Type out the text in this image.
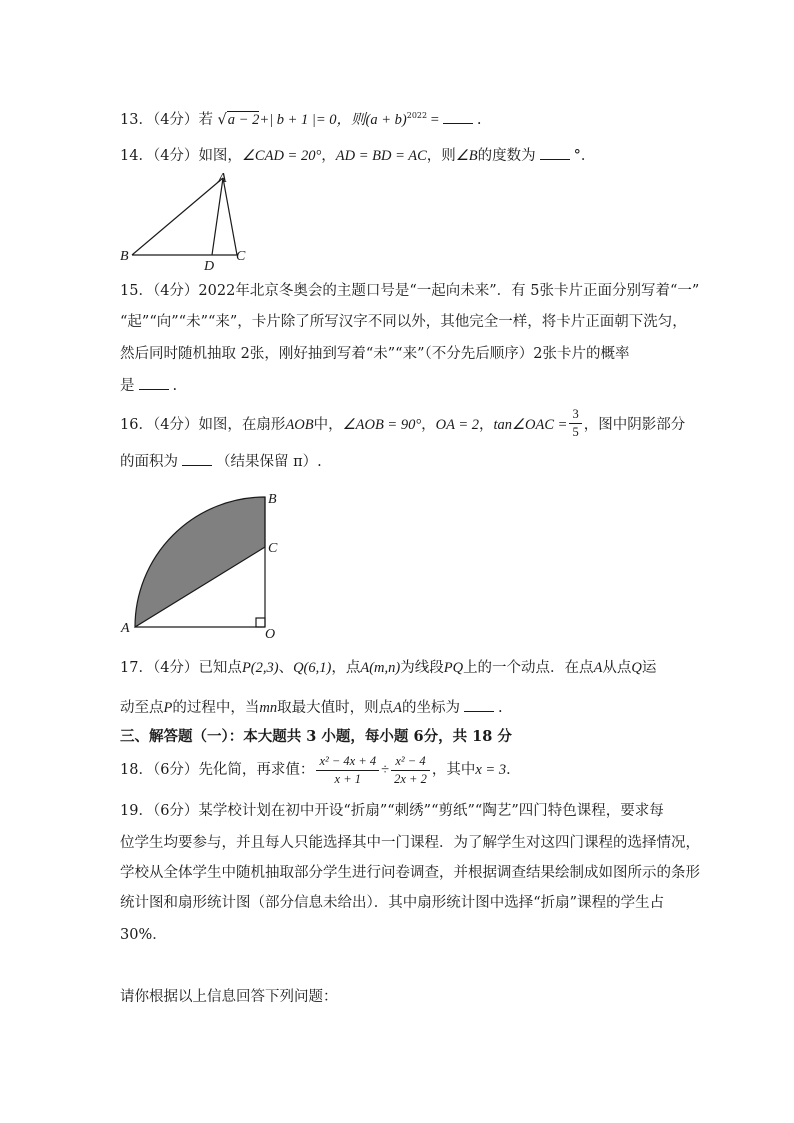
13．（4分）若 √a − 2+| b + 1 |= 0，则$(a + b)^{2022}$ =	.
14．（4分）如图，∠CAD = 20°，AD = BD = AC，则∠B的度数为	°．
A
B
D
C
15．（4分）2022年北京冬奥会的主题口号是“一起向未来”．有 5张卡片正面分别写着“一”
“起”“向”“未”“来”，卡片除了所写汉字不同以外，其他完全一样，将卡片正面朝下洗匀，
然后同时随机抽取 2张，刚好抽到写着“未”“来”（不分先后顺序）2张卡片的概率
是	.
16．（4分）如图，在扇形AOB中，∠AOB = 90°，OA = 2，tan∠OAC = $\frac{3}{5}$ ，图中阴影部分
的面积为	（结果保留 π）.
A
B
C
O
17．（4分）已知点P(2,3)、Q(6,1)，点A(m,n)为线段PQ上的一个动点．在点A从点Q运
动至点P的过程中，当mn取最大值时，则点A的坐标为	.
三、解答题（一）：本大题共 3 小题，每小题 6分，共 18 分
18．（6分）先化简，再求值： $\frac{\text{x² − 4x + 4}}{x + 1} \div \frac{\text{x² − 4}}{2x + 2}$ ，其中x = 3．
19．（6分）某学校计划在初中开设“折扇”“刺绣”“剪纸”“陶艺”四门特色课程，要求每
位学生均要参与，并且每人只能选择其中一门课程．为了解学生对这四门课程的选择情况，
学校从全体学生中随机抽取部分学生进行问卷调查，并根据调查结果绘制成如图所示的条形
统计图和扇形统计图（部分信息未给出）．其中扇形统计图中选择“折扇”课程的学生占
30%．
请你根据以上信息回答下列问题：
